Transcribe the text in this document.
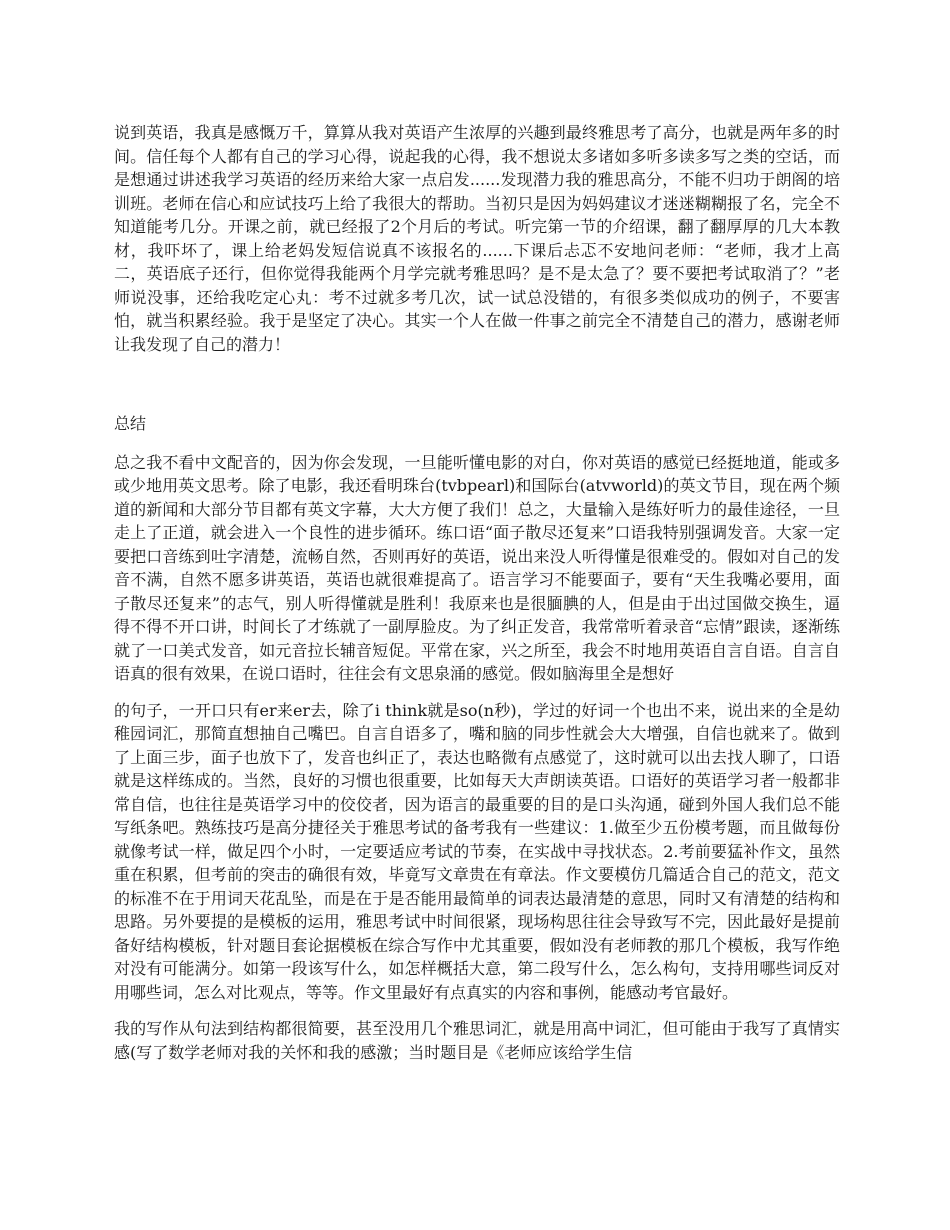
说到英语，我真是感慨万千，算算从我对英语产生浓厚的兴趣到最终雅思考了高分，也就是两年多的时间。信任每个人都有自己的学习心得，说起我的心得，我不想说太多诸如多听多读多写之类的空话，而是想通过讲述我学习英语的经历来给大家一点启发......发现潜力我的雅思高分，不能不归功于朗阁的培训班。老师在信心和应试技巧上给了我很大的帮助。当初只是因为妈妈建议才迷迷糊糊报了名，完全不知道能考几分。开课之前，就已经报了2个月后的考试。听完第一节的介绍课，翻了翻厚厚的几大本教材，我吓坏了，课上给老妈发短信说真不该报名的......下课后忐忑不安地问老师：“老师，我才上高二，英语底子还行，但你觉得我能两个月学完就考雅思吗？是不是太急了？要不要把考试取消了？”老师说没事，还给我吃定心丸：考不过就多考几次，试一试总没错的，有很多类似成功的例子，不要害怕，就当积累经验。我于是坚定了决心。其实一个人在做一件事之前完全不清楚自己的潜力，感谢老师让我发现了自己的潜力！

总结

总之我不看中文配音的，因为你会发现，一旦能听懂电影的对白，你对英语的感觉已经挺地道，能或多或少地用英文思考。除了电影，我还看明珠台(tvbpearl)和国际台(atvworld)的英文节目，现在两个频道的新闻和大部分节目都有英文字幕，大大方便了我们！总之，大量输入是练好听力的最佳途径，一旦走上了正道，就会进入一个良性的进步循环。练口语“面子散尽还复来”口语我特别强调发音。大家一定要把口音练到吐字清楚，流畅自然，否则再好的英语，说出来没人听得懂是很难受的。假如对自己的发音不满，自然不愿多讲英语，英语也就很难提高了。语言学习不能要面子，要有“天生我嘴必要用，面子散尽还复来”的志气，别人听得懂就是胜利！我原来也是很腼腆的人，但是由于出过国做交换生，逼得不得不开口讲，时间长了才练就了一副厚脸皮。为了纠正发音，我常常听着录音“忘情”跟读，逐渐练就了一口美式发音，如元音拉长辅音短促。平常在家，兴之所至，我会不时地用英语自言自语。自言自语真的很有效果，在说口语时，往往会有文思泉涌的感觉。假如脑海里全是想好

的句子，一开口只有er来er去，除了i think就是so(n秒)，学过的好词一个也出不来，说出来的全是幼稚园词汇，那简直想抽自己嘴巴。自言自语多了，嘴和脑的同步性就会大大增强，自信也就来了。做到了上面三步，面子也放下了，发音也纠正了，表达也略微有点感觉了，这时就可以出去找人聊了，口语就是这样练成的。当然，良好的习惯也很重要，比如每天大声朗读英语。口语好的英语学习者一般都非常自信，也往往是英语学习中的佼佼者，因为语言的最重要的目的是口头沟通，碰到外国人我们总不能写纸条吧。熟练技巧是高分捷径关于雅思考试的备考我有一些建议：1.做至少五份模考题，而且做每份就像考试一样，做足四个小时，一定要适应考试的节奏，在实战中寻找状态。2.考前要猛补作文，虽然重在积累，但考前的突击的确很有效，毕竟写文章贵在有章法。作文要模仿几篇适合自己的范文，范文的标准不在于用词天花乱坠，而是在于是否能用最简单的词表达最清楚的意思，同时又有清楚的结构和思路。另外要提的是模板的运用，雅思考试中时间很紧，现场构思往往会导致写不完，因此最好是提前备好结构模板，针对题目套论据模板在综合写作中尤其重要，假如没有老师教的那几个模板，我写作绝对没有可能满分。如第一段该写什么，如怎样概括大意，第二段写什么，怎么构句，支持用哪些词反对用哪些词，怎么对比观点，等等。作文里最好有点真实的内容和事例，能感动考官最好。

我的写作从句法到结构都很简要，甚至没用几个雅思词汇，就是用高中词汇，但可能由于我写了真情实感(写了数学老师对我的关怀和我的感激；当时题目是《老师应该给学生信
